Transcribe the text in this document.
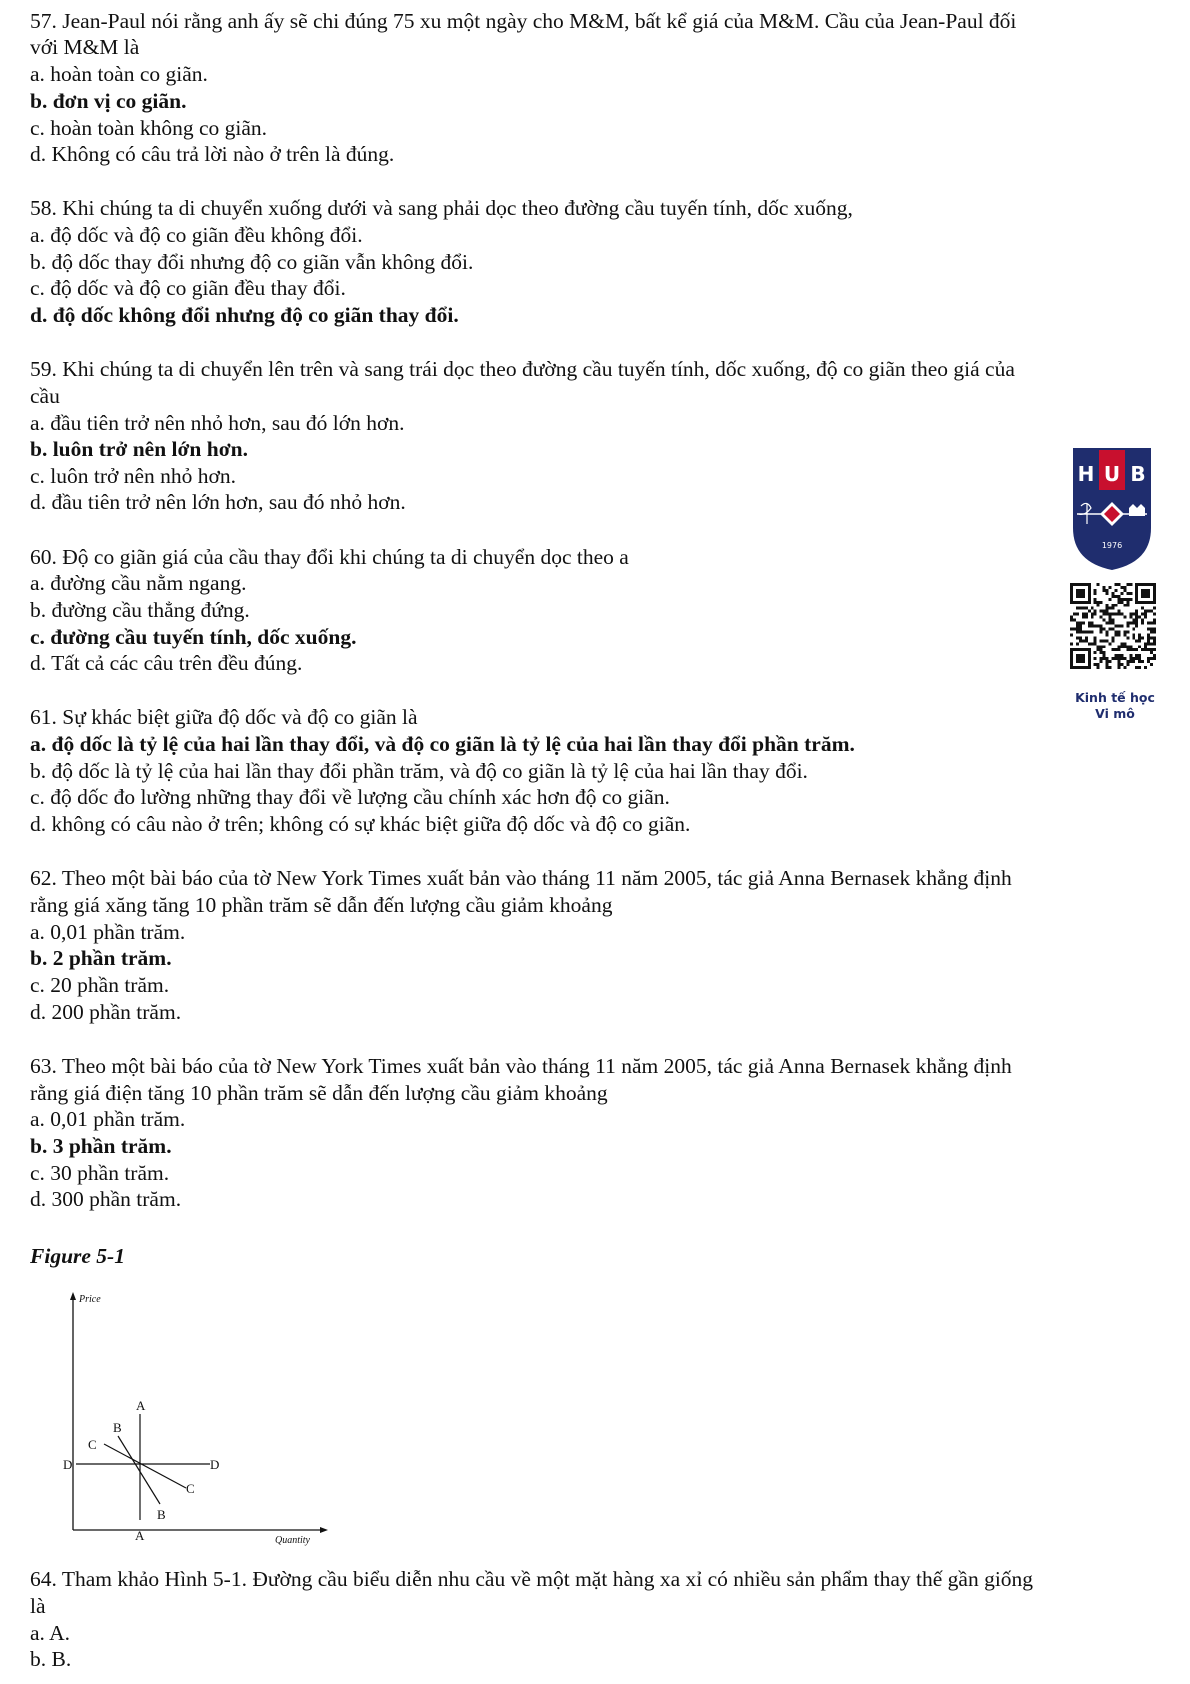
57. Jean-Paul nói rằng anh ấy sẽ chi đúng 75 xu một ngày cho M&M, bất kể giá của M&M. Cầu của Jean-Paul đối
với M&M là
a. hoàn toàn co giãn.
b. đơn vị co giãn.
c. hoàn toàn không co giãn.
d. Không có câu trả lời nào ở trên là đúng.
58. Khi chúng ta di chuyển xuống dưới và sang phải dọc theo đường cầu tuyến tính, dốc xuống,
a. độ dốc và độ co giãn đều không đổi.
b. độ dốc thay đổi nhưng độ co giãn vẫn không đổi.
c. độ dốc và độ co giãn đều thay đổi.
d. độ dốc không đổi nhưng độ co giãn thay đổi.
59. Khi chúng ta di chuyển lên trên và sang trái dọc theo đường cầu tuyến tính, dốc xuống, độ co giãn theo giá của
cầu
a. đầu tiên trở nên nhỏ hơn, sau đó lớn hơn.
b. luôn trở nên lớn hơn.
c. luôn trở nên nhỏ hơn.
d. đầu tiên trở nên lớn hơn, sau đó nhỏ hơn.
60. Độ co giãn giá của cầu thay đổi khi chúng ta di chuyển dọc theo a
a. đường cầu nằm ngang.
b. đường cầu thẳng đứng.
c. đường cầu tuyến tính, dốc xuống.
d. Tất cả các câu trên đều đúng.
61. Sự khác biệt giữa độ dốc và độ co giãn là
a. độ dốc là tỷ lệ của hai lần thay đổi, và độ co giãn là tỷ lệ của hai lần thay đổi phần trăm.
b. độ dốc là tỷ lệ của hai lần thay đổi phần trăm, và độ co giãn là tỷ lệ của hai lần thay đổi.
c. độ dốc đo lường những thay đổi về lượng cầu chính xác hơn độ co giãn.
d. không có câu nào ở trên; không có sự khác biệt giữa độ dốc và độ co giãn.
62. Theo một bài báo của tờ New York Times xuất bản vào tháng 11 năm 2005, tác giả Anna Bernasek khẳng định
rằng giá xăng tăng 10 phần trăm sẽ dẫn đến lượng cầu giảm khoảng
a. 0,01 phần trăm.
b. 2 phần trăm.
c. 20 phần trăm.
d. 200 phần trăm.
63. Theo một bài báo của tờ New York Times xuất bản vào tháng 11 năm 2005, tác giả Anna Bernasek khẳng định
rằng giá điện tăng 10 phần trăm sẽ dẫn đến lượng cầu giảm khoảng
a. 0,01 phần trăm.
b. 3 phần trăm.
c. 30 phần trăm.
d. 300 phần trăm.
64. Tham khảo Hình 5-1. Đường cầu biểu diễn nhu cầu về một mặt hàng xa xỉ có nhiều sản phẩm thay thế gần giống
là
a. A.
b. B.
Figure 5-1
Price
Quantity
A
A
B
B
C
C
D	D
H U B
1976
Kinh tế học
Vi mô
